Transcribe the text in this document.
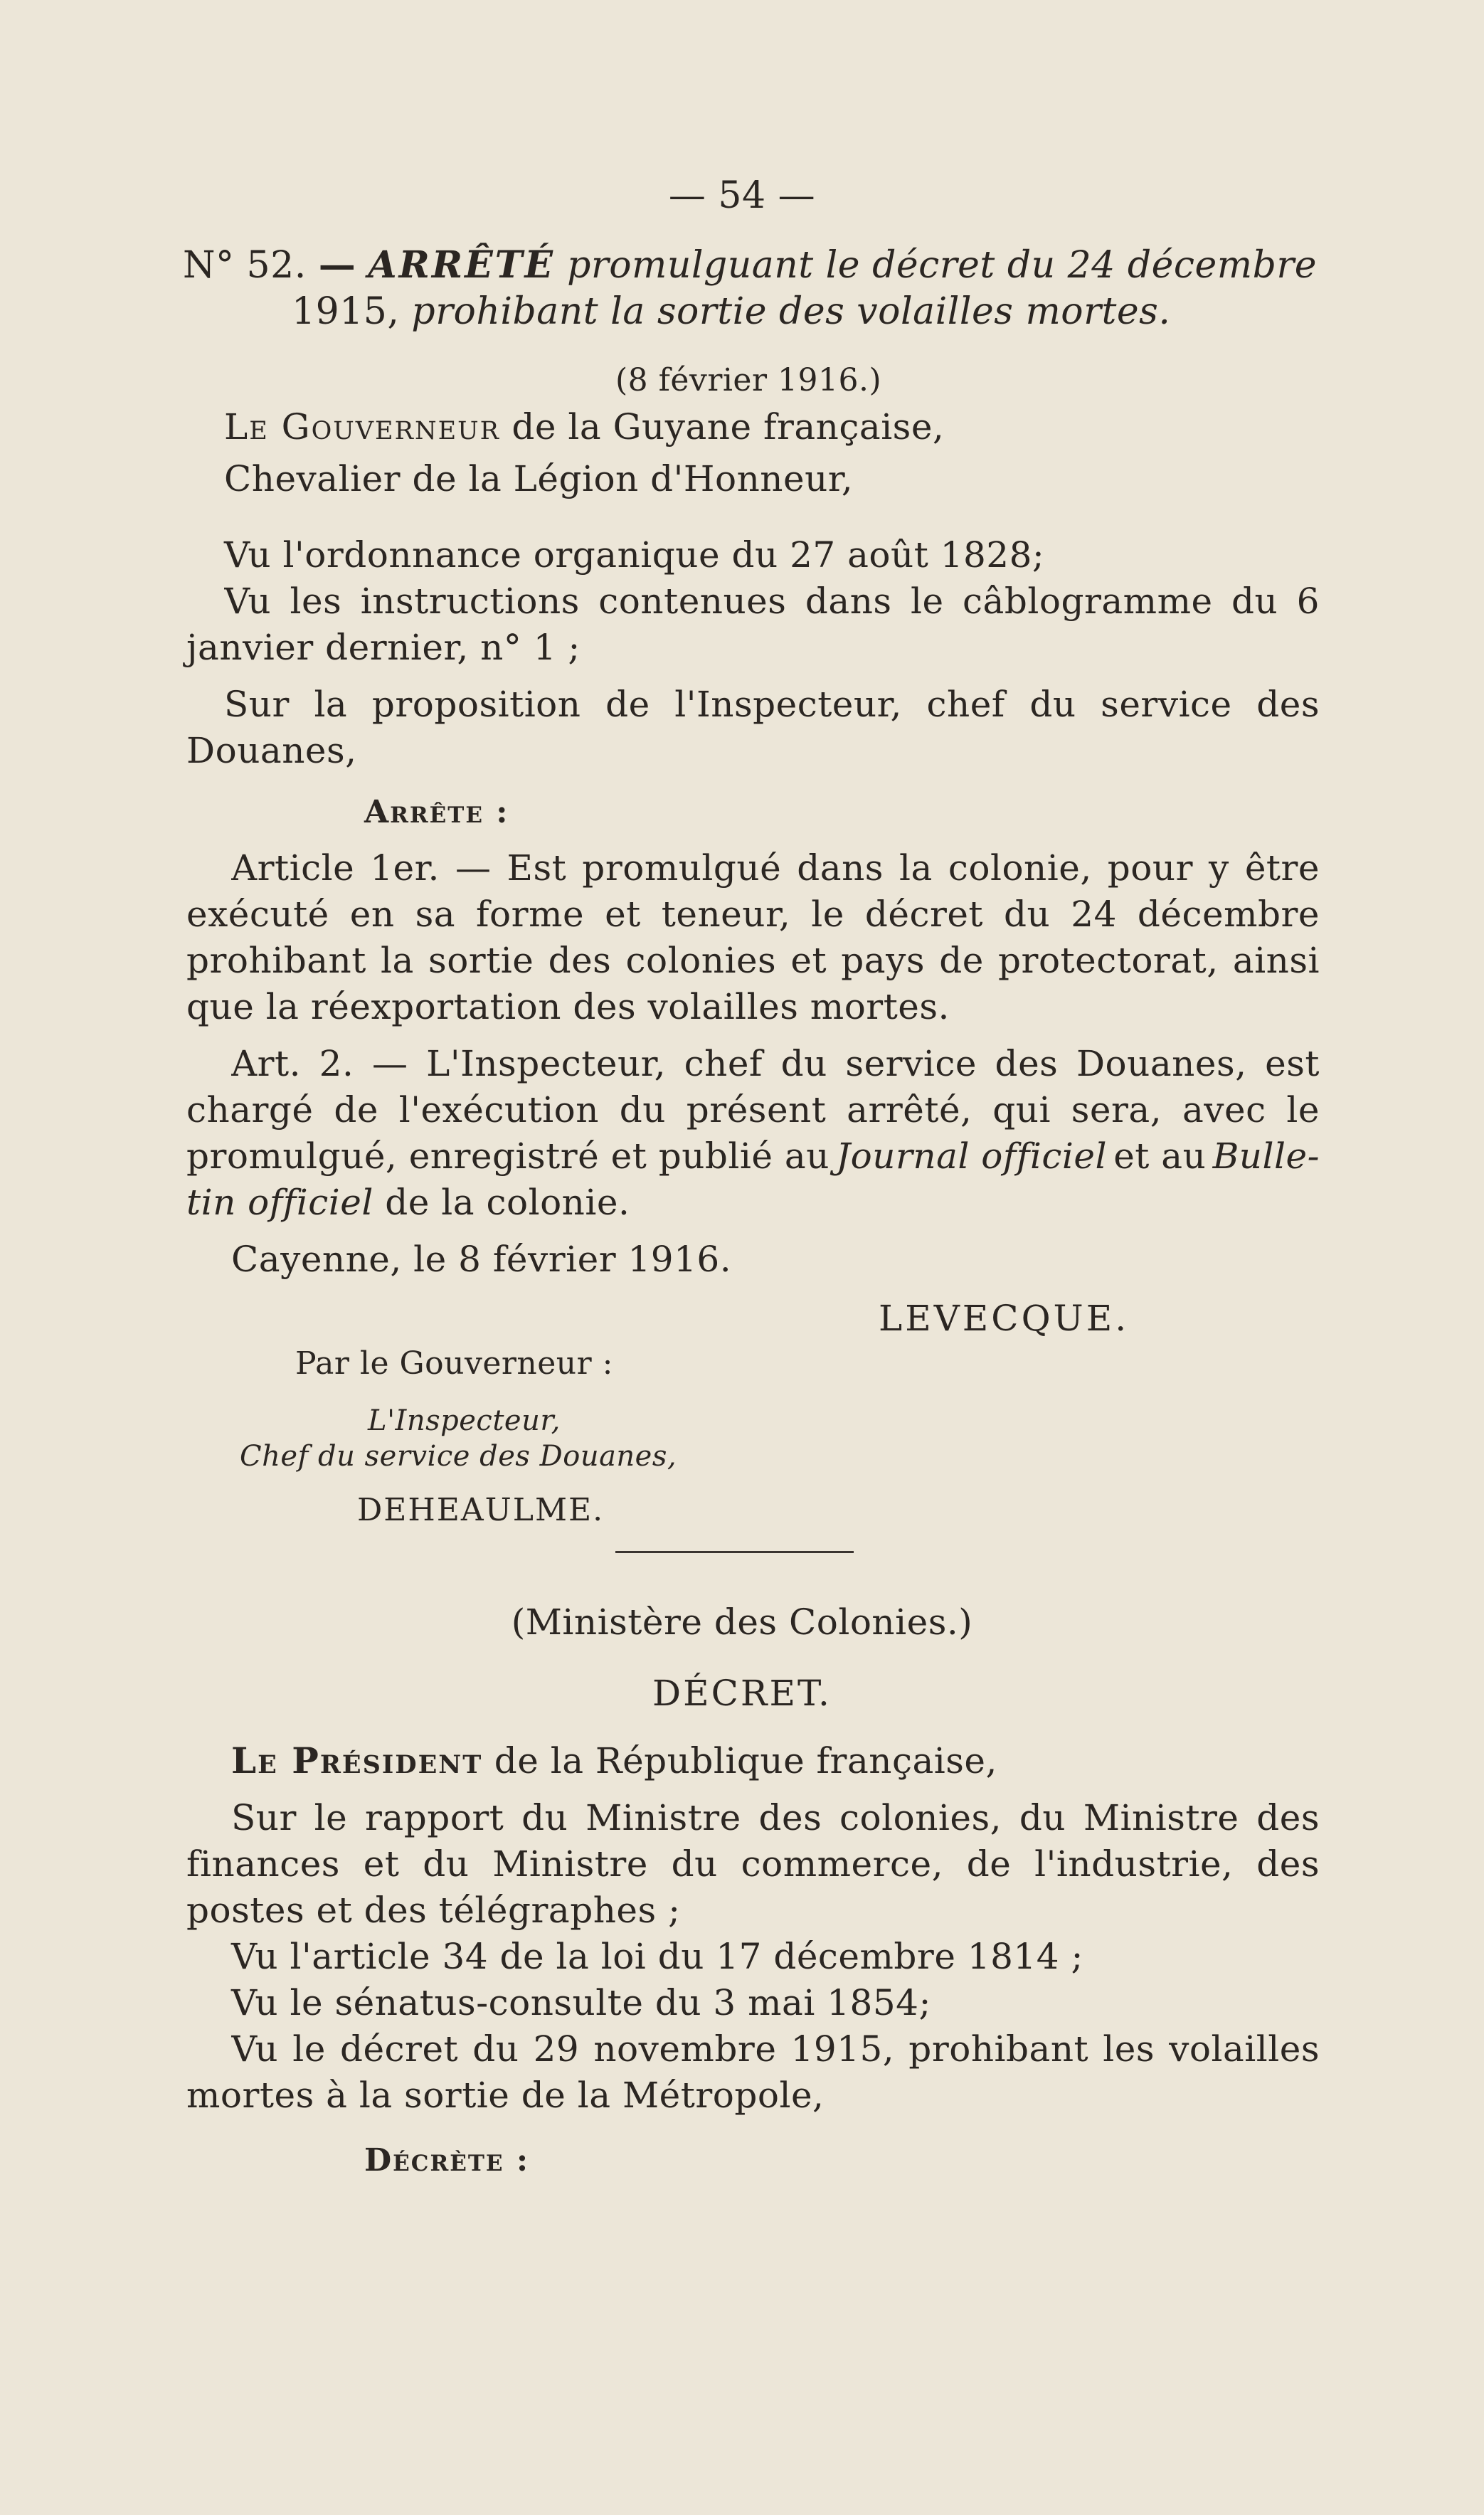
— 54 —
N° 52. — ARRÊTÉ promulguant le décret du 24 décembre
1915, prohibant la sortie des volailles mortes.
(8 février 1916.)
Le Gouverneur de la Guyane française,
Chevalier de la Légion d'Honneur,
Vu l'ordonnance organique du 27 août 1828;
Vu les instructions contenues dans le câblogramme du 6
janvier dernier, n° 1 ;
Sur la proposition de l'Inspecteur, chef du service des
Douanes,
Arrête :
Article 1er. — Est promulgué dans la colonie, pour y être
exécuté en sa forme et teneur, le décret du 24 décembre
prohibant la sortie des colonies et pays de protectorat, ainsi
que la réexportation des volailles mortes.
Art. 2. — L'Inspecteur, chef du service des Douanes, est
chargé de l'exécution du présent arrêté, qui sera, avec le
promulgué, enregistré et publié au Journal officiel et au Bulle-
tin officiel de la colonie.
Cayenne, le 8 février 1916.
LEVECQUE.
Par le Gouverneur :
L'Inspecteur,
Chef du service des Douanes,
DEHEAULME.
(Ministère des Colonies.)
DÉCRET.
Le Président de la République française,
Sur le rapport du Ministre des colonies, du Ministre des
finances et du Ministre du commerce, de l'industrie, des
postes et des télégraphes ;
Vu l'article 34 de la loi du 17 décembre 1814 ;
Vu le sénatus-consulte du 3 mai 1854;
Vu le décret du 29 novembre 1915, prohibant les volailles
mortes à la sortie de la Métropole,
Décrète :
